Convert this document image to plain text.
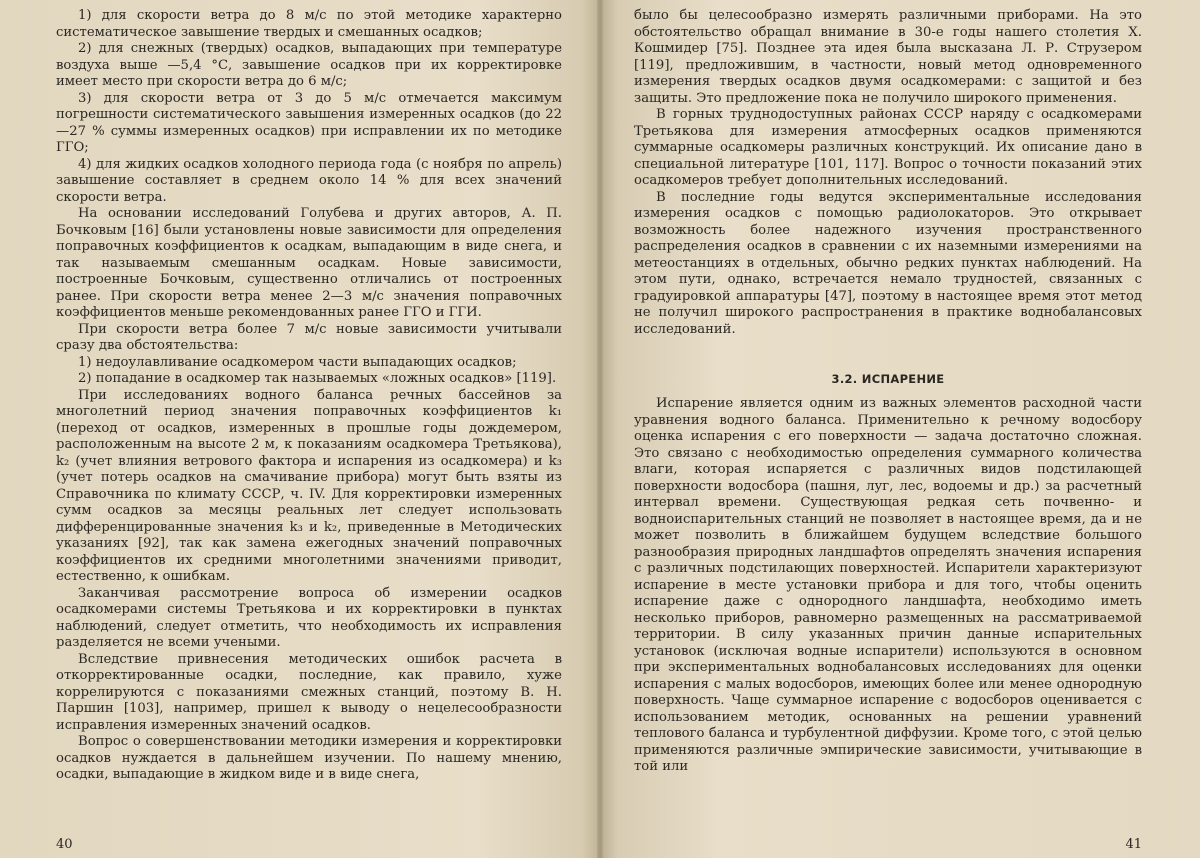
1) для скорости ветра до 8 м/с по этой методике характерно систематическое завышение твердых и смешанных осадков;

2) для снежных (твердых) осадков, выпадающих при температуре воздуха выше —5,4 °С, завышение осадков при их корректировке имеет место при скорости ветра до 6 м/с;

3) для скорости ветра от 3 до 5 м/с отмечается максимум погрешности систематического завышения измеренных осадков (до 22—27 % суммы измеренных осадков) при исправлении их по методике ГГО;

4) для жидких осадков холодного периода года (с ноября по апрель) завышение составляет в среднем около 14 % для всех значений скорости ветра.

На основании исследований Голубева и других авторов, А. П. Бочковым [16] были установлены новые зависимости для определения поправочных коэффициентов к осадкам, выпадающим в виде снега, и так называемым смешанным осадкам. Новые зависимости, построенные Бочковым, существенно отличались от построенных ранее. При скорости ветра менее 2—3 м/с значения поправочных коэффициентов меньше рекомендованных ранее ГГО и ГГИ.

При скорости ветра более 7 м/с новые зависимости учитывали сразу два обстоятельства:

1) недоулавливание осадкомером части выпадающих осадков;

2) попадание в осадкомер так называемых «ложных осадков» [119].

При исследованиях водного баланса речных бассейнов за многолетний период значения поправочных коэффициентов k₁ (переход от осадков, измеренных в прошлые годы дождемером, расположенным на высоте 2 м, к показаниям осадкомера Третьякова), k₂ (учет влияния ветрового фактора и испарения из осадкомера) и k₃ (учет потерь осадков на смачивание прибора) могут быть взяты из Справочника по климату СССР, ч. IV. Для корректировки измеренных сумм осадков за месяцы реальных лет следует использовать дифференцированные значения k₃ и k₂, приведенные в Методических указаниях [92], так как замена ежегодных значений поправочных коэффициентов их средними многолетними значениями приводит, естественно, к ошибкам.

Заканчивая рассмотрение вопроса об измерении осадков осадкомерами системы Третьякова и их корректировки в пунктах наблюдений, следует отметить, что необходимость их исправления разделяется не всеми учеными.

Вследствие привнесения методических ошибок расчета в откорректированные осадки, последние, как правило, хуже коррелируются с показаниями смежных станций, поэтому В. Н. Паршин [103], например, пришел к выводу о нецелесообразности исправления измеренных значений осадков.

Вопрос о совершенствовании методики измерения и корректировки осадков нуждается в дальнейшем изучении. По нашему мнению, осадки, выпадающие в жидком виде и в виде снега,

40

было бы целесообразно измерять различными приборами. На это обстоятельство обращал внимание в 30-е годы нашего столетия Х. Кошмидер [75]. Позднее эта идея была высказана Л. Р. Струзером [119], предложившим, в частности, новый метод одновременного измерения твердых осадков двумя осадкомерами: с защитой и без защиты. Это предложение пока не получило широкого применения.

В горных труднодоступных районах СССР наряду с осадкомерами Третьякова для измерения атмосферных осадков применяются суммарные осадкомеры различных конструкций. Их описание дано в специальной литературе [101, 117]. Вопрос о точности показаний этих осадкомеров требует дополнительных исследований.

В последние годы ведутся экспериментальные исследования измерения осадков с помощью радиолокаторов. Это открывает возможность более надежного изучения пространственного распределения осадков в сравнении с их наземными измерениями на метеостанциях в отдельных, обычно редких пунктах наблюдений. На этом пути, однако, встречается немало трудностей, связанных с градуировкой аппаратуры [47], поэтому в настоящее время этот метод не получил широкого распространения в практике воднобалансовых исследований.

3.2. ИСПАРЕНИЕ

Испарение является одним из важных элементов расходной части уравнения водного баланса. Применительно к речному водосбору оценка испарения с его поверхности — задача достаточно сложная. Это связано с необходимостью определения суммарного количества влаги, которая испаряется с различных видов подстилающей поверхности водосбора (пашня, луг, лес, водоемы и др.) за расчетный интервал времени. Существующая редкая сеть почвенно- и водноиспарительных станций не позволяет в настоящее время, да и не может позволить в ближайшем будущем вследствие большого разнообразия природных ландшафтов определять значения испарения с различных подстилающих поверхностей. Испарители характеризуют испарение в месте установки прибора и для того, чтобы оценить испарение даже с однородного ландшафта, необходимо иметь несколько приборов, равномерно размещенных на рассматриваемой территории. В силу указанных причин данные испарительных установок (исключая водные испарители) используются в основном при экспериментальных воднобалансовых исследованиях для оценки испарения с малых водосборов, имеющих более или менее однородную поверхность. Чаще суммарное испарение с водосборов оценивается с использованием методик, основанных на решении уравнений теплового баланса и турбулентной диффузии. Кроме того, с этой целью применяются различные эмпирические зависимости, учитывающие в той или

41
